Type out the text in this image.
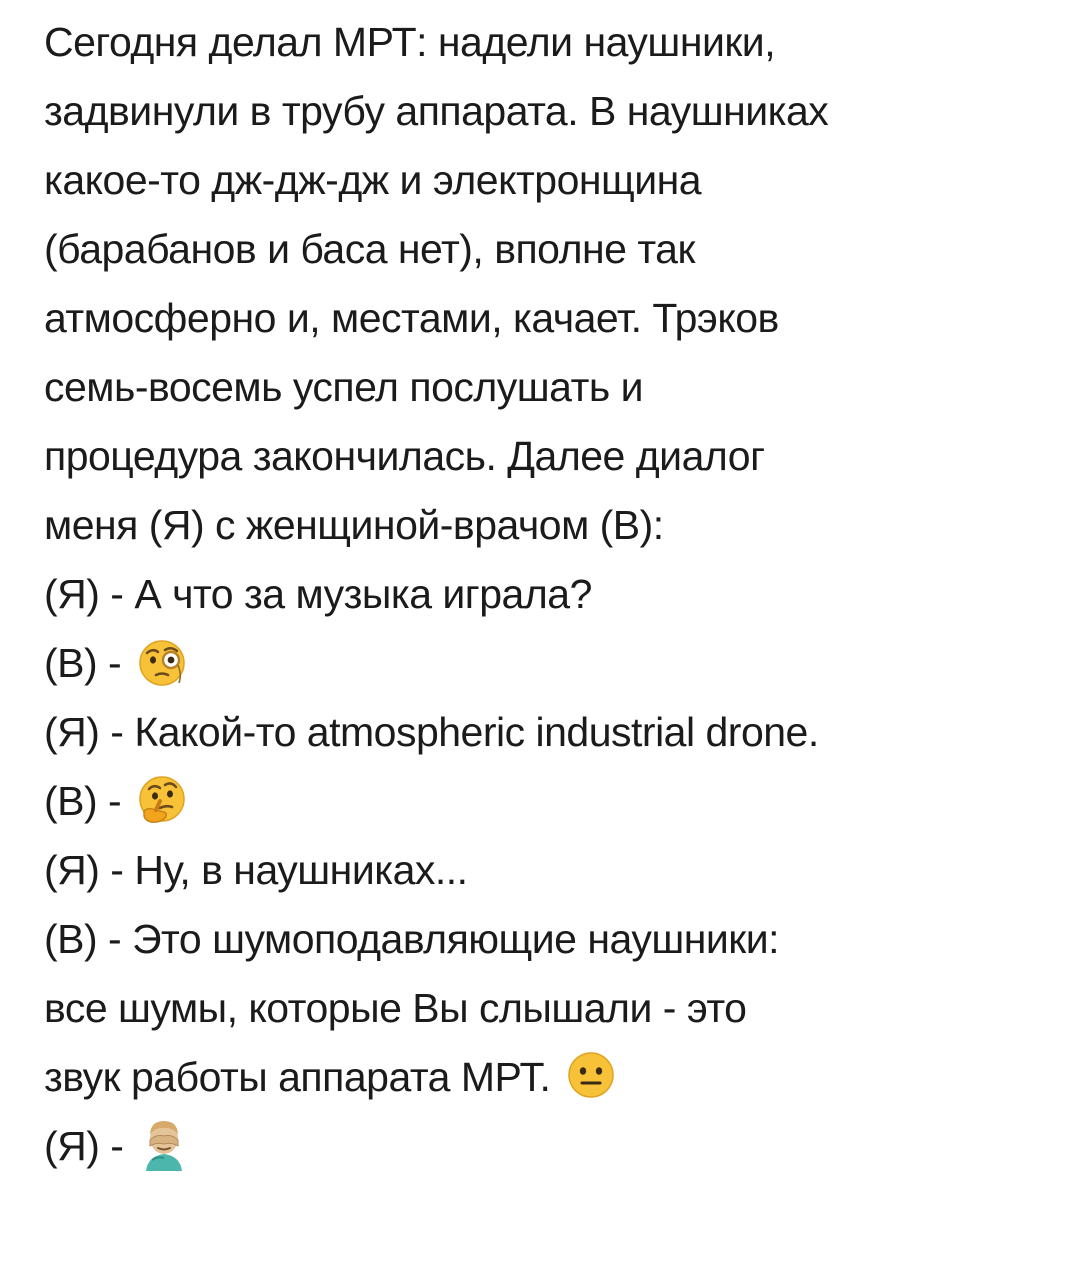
Сегодня делал МРТ: надели наушники,
задвинули в трубу аппарата. В наушниках
какое-то дж-дж-дж и электронщина
(барабанов и баса нет), вполне так
атмосферно и, местами, качает. Трэков
семь-восемь успел послушать и
процедура закончилась. Далее диалог
меня (Я) с женщиной-врачом (В):
(Я) - А что за музыка играла?
(В) -
(Я) - Какой-то atmospheric industrial drone.
(В) -
(Я) - Ну, в наушниках...
(В) - Это шумоподавляющие наушники:
все шумы, которые Вы слышали - это
звук работы аппарата МРТ.
(Я) -
